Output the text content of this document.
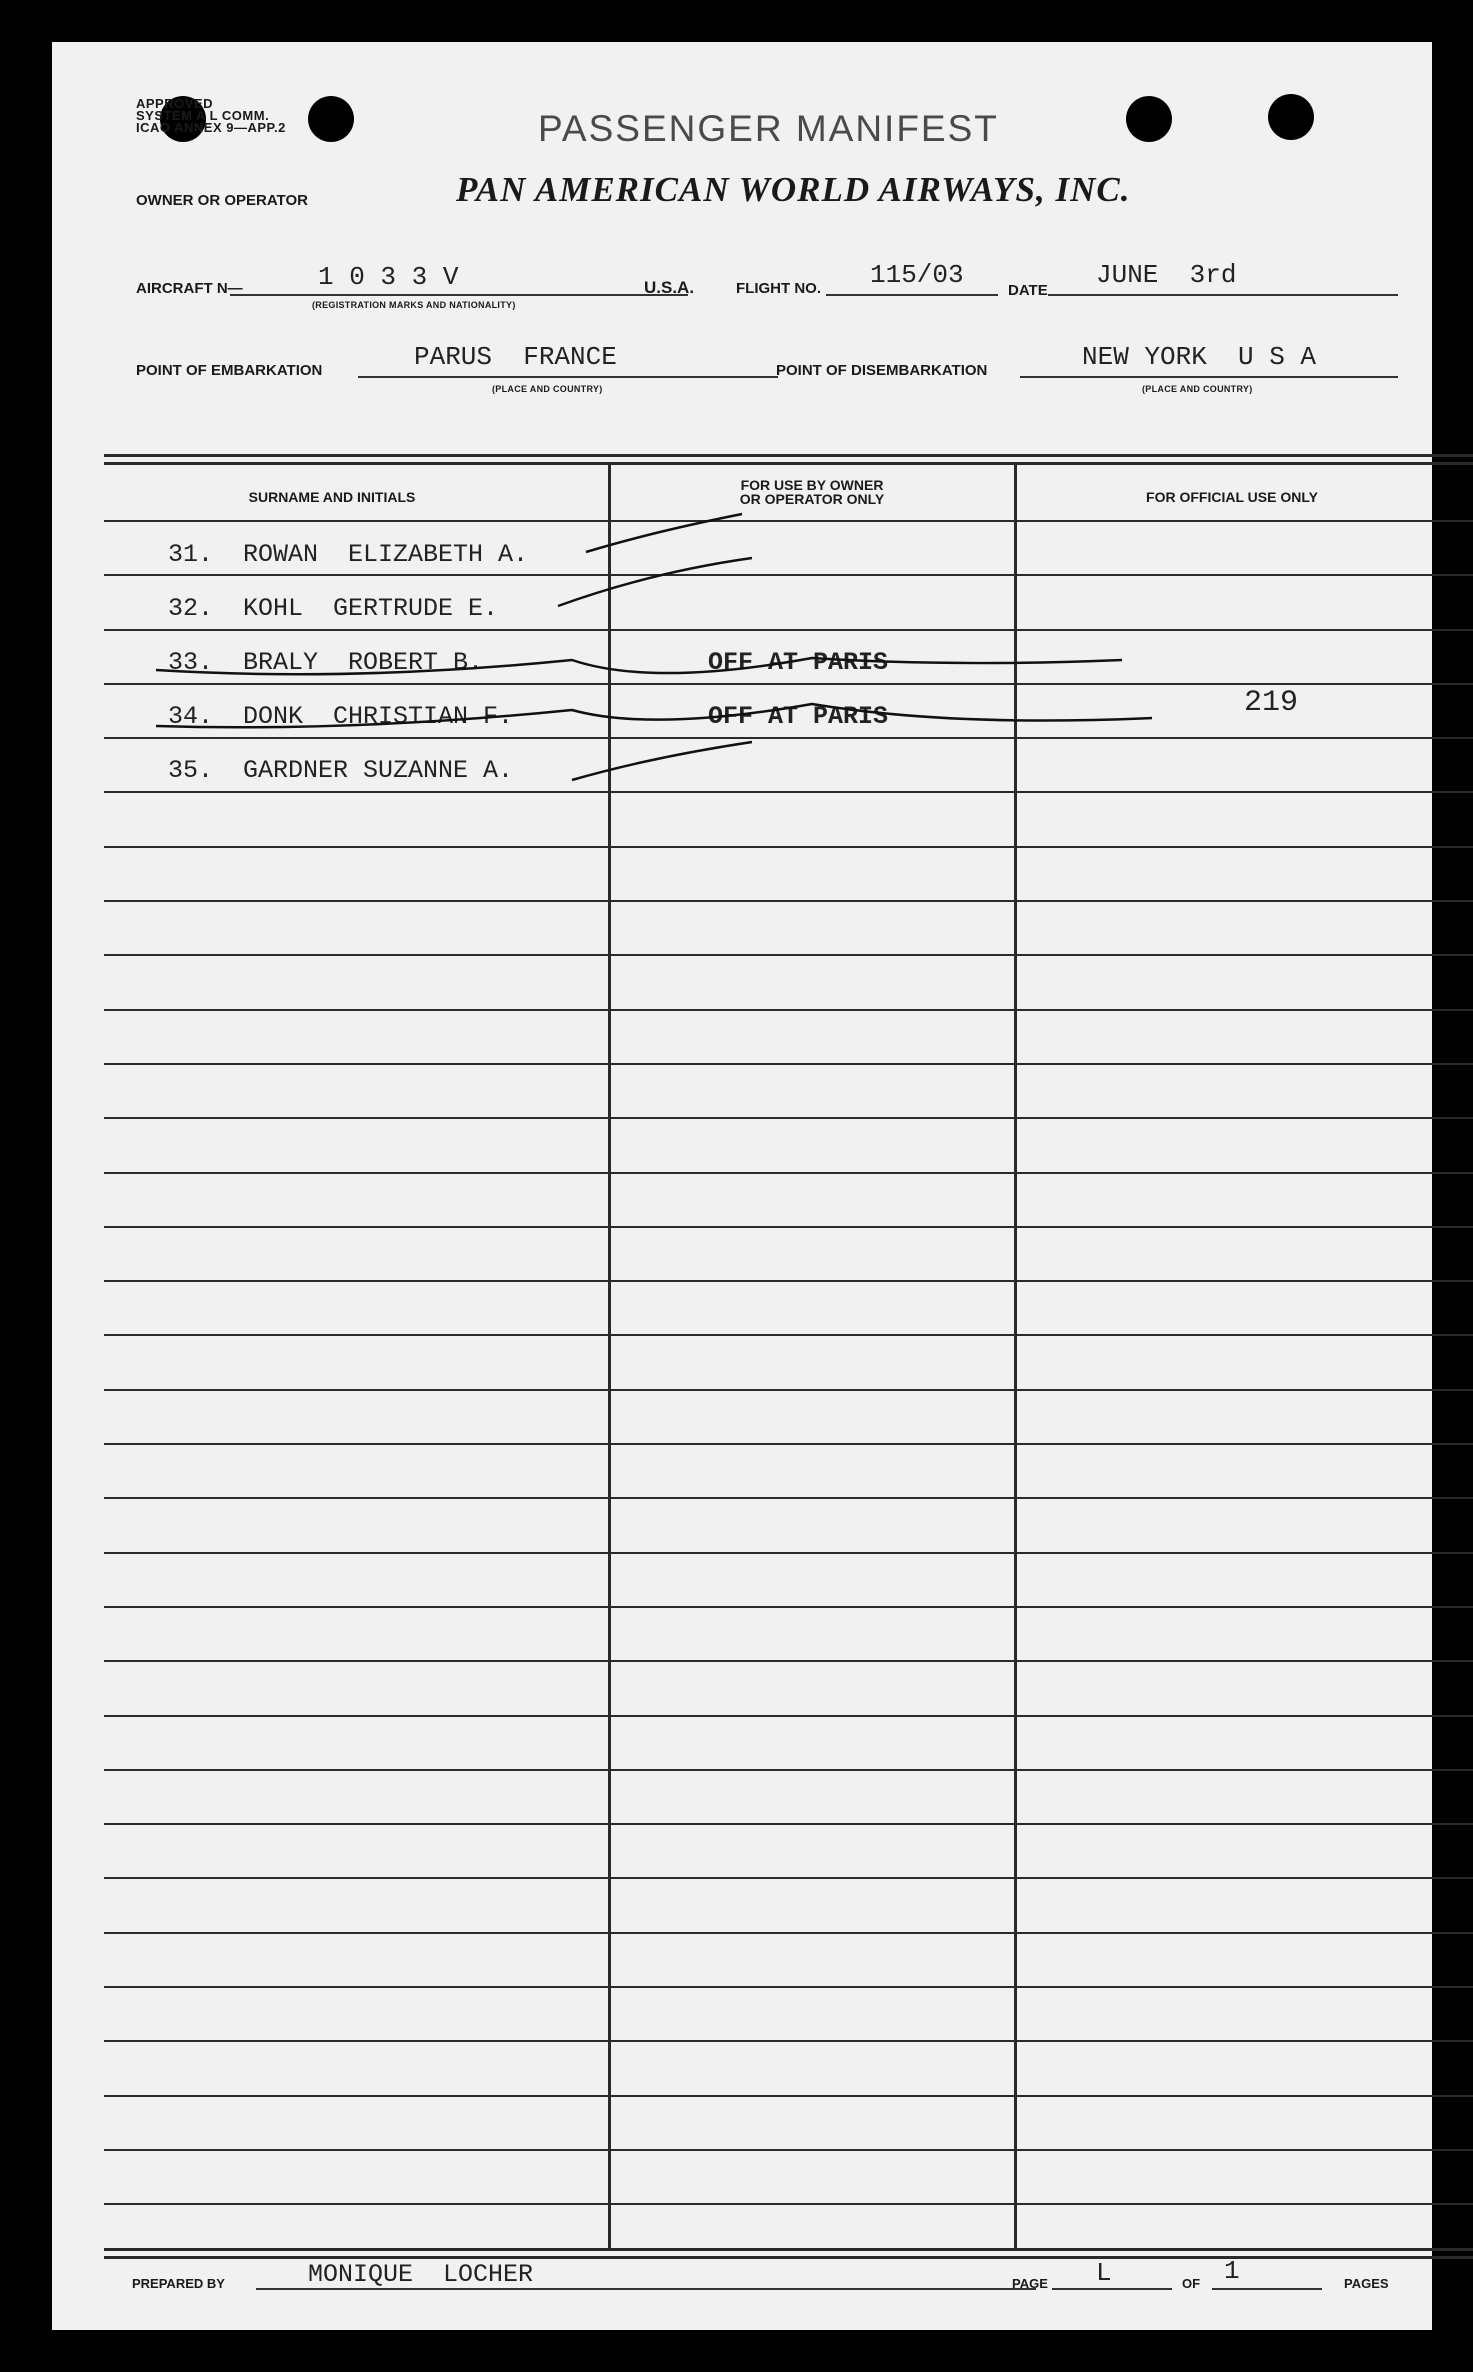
APPROVED
SYSTEM A L COMM.
ICAO ANNEX 9—APP.2	PASSENGER MANIFEST
OWNER OR OPERATOR	PAN AMERICAN WORLD AIRWAYS, INC.
AIRCRAFT N—	1 0 3 3 V
(REGISTRATION MARKS AND NATIONALITY)
U.S.A.	FLIGHT NO. 115/03
DATE
JUNE  3rd
POINT OF EMBARKATION	PARUS  FRANCE
(PLACE AND COUNTRY)
POINT OF DISEMBARKATION	NEW YORK  U S A
(PLACE AND COUNTRY)
SURNAME AND INITIALS
FOR USE BY OWNER
OR OPERATOR ONLY	FOR OFFICIAL USE ONLY
31.  ROWAN  ELIZABETH A.
32.  KOHL  GERTRUDE E.
33.  BRALY  ROBERT B.	OFF AT PARIS
34.  DONK  CHRISTIAN F.	OFF AT PARIS	219
35.  GARDNER SUZANNE A.
PREPARED BY	MONIQUE  LOCHER	PAGE L	OF 1	PAGES
